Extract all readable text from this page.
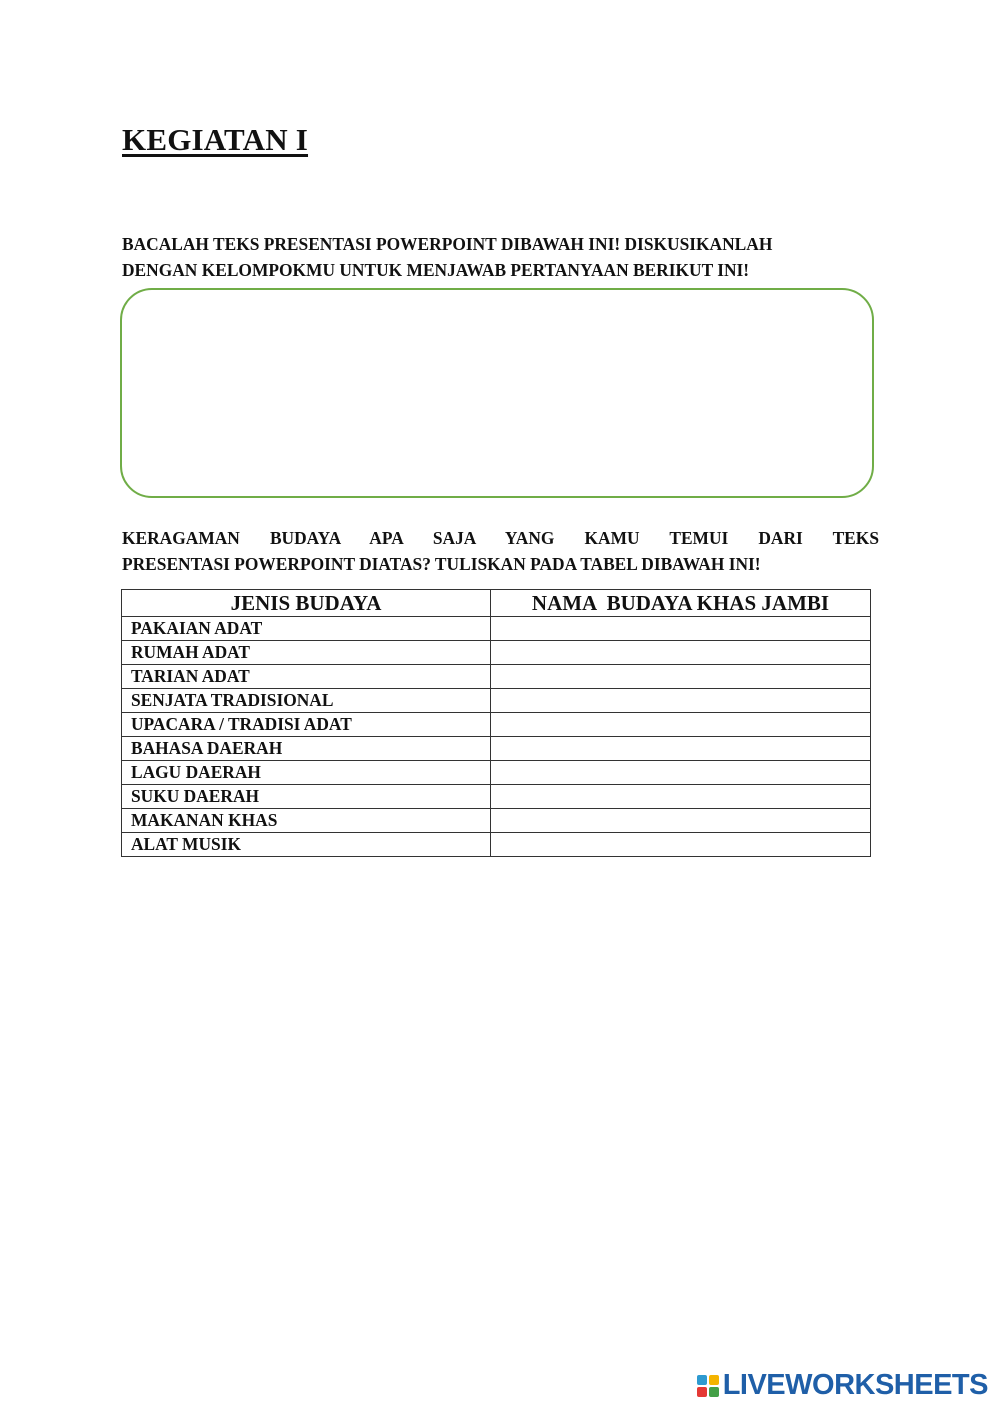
KEGIATAN I

BACALAH TEKS PRESENTASI POWERPOINT DIBAWAH INI! DISKUSIKANLAH
DENGAN KELOMPOKMU UNTUK MENJAWAB PERTANYAAN BERIKUT INI!

KERAGAMAN BUDAYA APA SAJA YANG KAMU TEMUI DARI TEKS
PRESENTASI POWERPOINT DIATAS? TULISKAN PADA TABEL DIBAWAH INI!

JENIS BUDAYA	NAMA  BUDAYA KHAS JAMBI
PAKAIAN ADAT	
RUMAH ADAT	
TARIAN ADAT	
SENJATA TRADISIONAL	
UPACARA / TRADISI ADAT	
BAHASA DAERAH	
LAGU DAERAH	
SUKU DAERAH	
MAKANAN KHAS	
ALAT MUSIK	
LIVEWORKSHEETS
